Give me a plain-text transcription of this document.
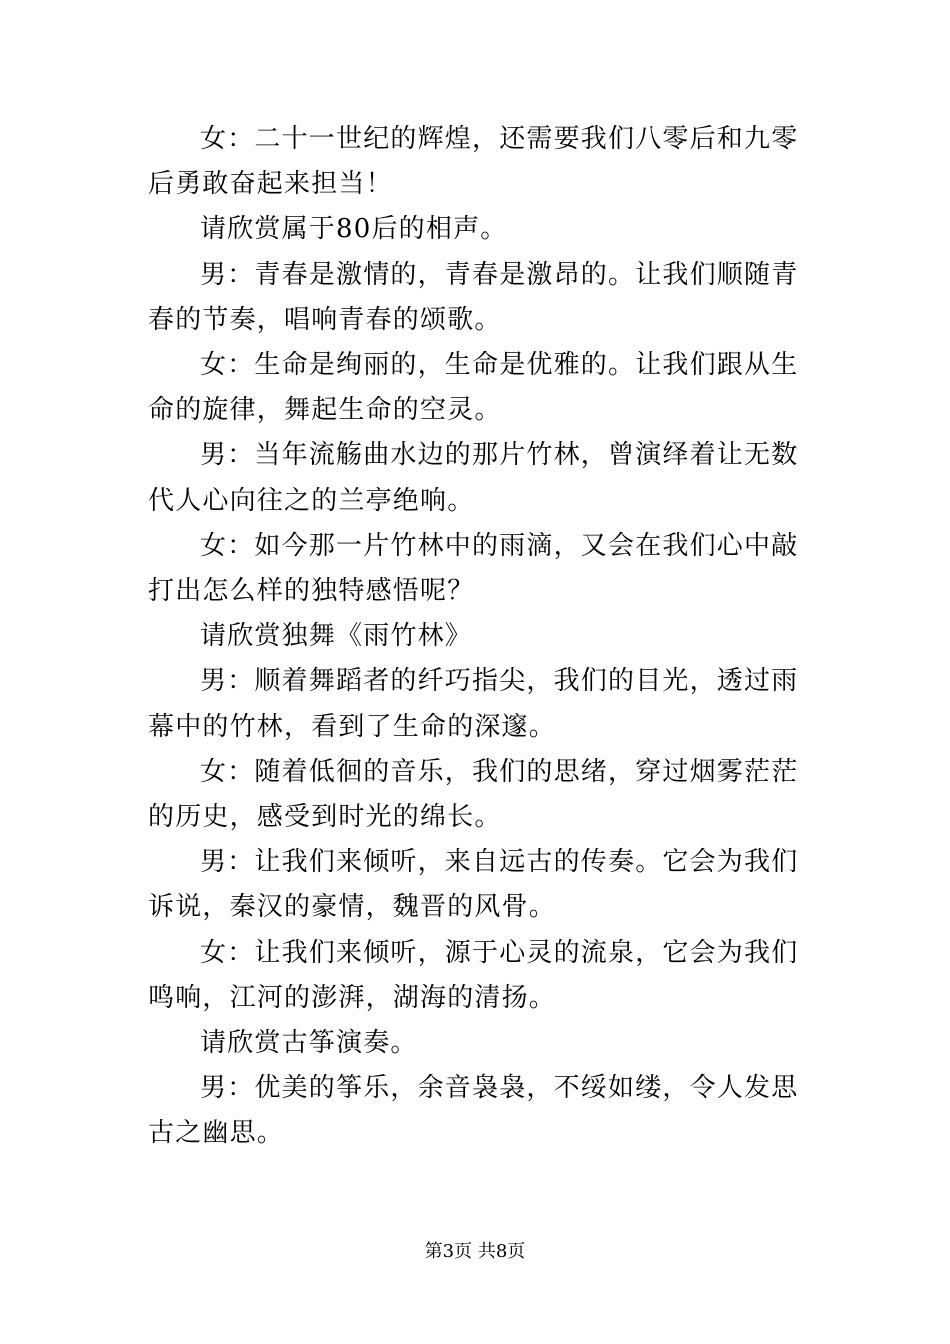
女：二十一世纪的辉煌，还需要我们八零后和九零后勇敢奋起来担当！

请欣赏属于80后的相声。

男：青春是激情的，青春是激昂的。让我们顺随青春的节奏，唱响青春的颂歌。

女：生命是绚丽的，生命是优雅的。让我们跟从生命的旋律，舞起生命的空灵。

男：当年流觞曲水边的那片竹林，曾演绎着让无数代人心向往之的兰亭绝响。

女：如今那一片竹林中的雨滴，又会在我们心中敲打出怎么样的独特感悟呢？

请欣赏独舞《雨竹林》

男：顺着舞蹈者的纤巧指尖，我们的目光，透过雨幕中的竹林，看到了生命的深邃。

女：随着低徊的音乐，我们的思绪，穿过烟雾茫茫的历史，感受到时光的绵长。

男：让我们来倾听，来自远古的传奏。它会为我们诉说，秦汉的豪情，魏晋的风骨。

女：让我们来倾听，源于心灵的流泉，它会为我们鸣响，江河的澎湃，湖海的清扬。

请欣赏古筝演奏。

男：优美的筝乐，余音袅袅，不绥如缕，令人发思古之幽思。

第3页 共8页
